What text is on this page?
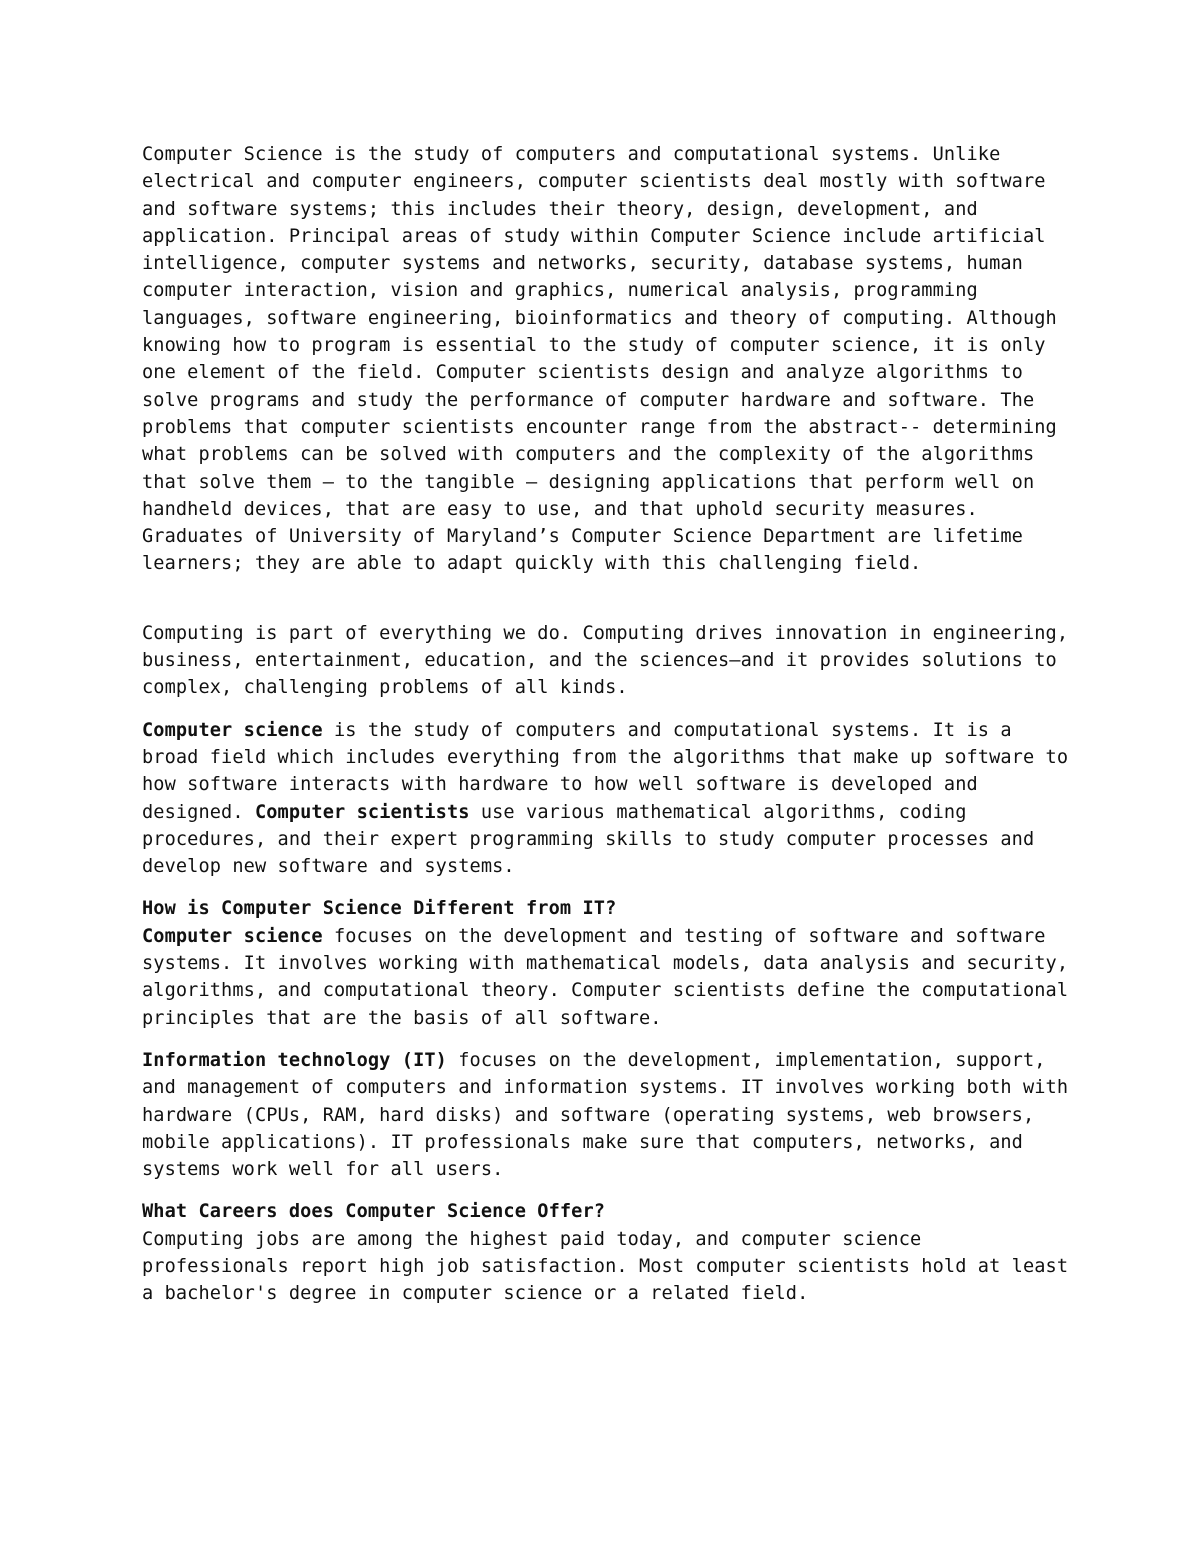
Computer Science is the study of computers and computational systems. Unlike electrical and computer engineers, computer scientists deal mostly with software and software systems; this includes their theory, design, development, and application. Principal areas of study within Computer Science include artificial intelligence, computer systems and networks, security, database systems, human computer interaction, vision and graphics, numerical analysis, programming languages, software engineering, bioinformatics and theory of computing. Although knowing how to program is essential to the study of computer science, it is only one element of the field. Computer scientists design and analyze algorithms to solve programs and study the performance of computer hardware and software. The problems that computer scientists encounter range from the abstract-- determining what problems can be solved with computers and the complexity of the algorithms that solve them – to the tangible – designing applications that perform well on handheld devices, that are easy to use, and that uphold security measures. Graduates of University of Maryland’s Computer Science Department are lifetime learners; they are able to adapt quickly with this challenging field.

Computing is part of everything we do. Computing drives innovation in engineering, business, entertainment, education, and the sciences—and it provides solutions to complex, challenging problems of all kinds.

Computer science is the study of computers and computational systems. It is a broad field which includes everything from the algorithms that make up software to how software interacts with hardware to how well software is developed and designed. Computer scientists use various mathematical algorithms, coding procedures, and their expert programming skills to study computer processes and develop new software and systems.

How is Computer Science Different from IT?

Computer science focuses on the development and testing of software and software systems. It involves working with mathematical models, data analysis and security, algorithms, and computational theory. Computer scientists define the computational principles that are the basis of all software.

Information technology (IT) focuses on the development, implementation, support, and management of computers and information systems. IT involves working both with hardware (CPUs, RAM, hard disks) and software (operating systems, web browsers, mobile applications). IT professionals make sure that computers, networks, and systems work well for all users.

What Careers does Computer Science Offer?

Computing jobs are among the highest paid today, and computer science professionals report high job satisfaction. Most computer scientists hold at least a bachelor's degree in computer science or a related field.
